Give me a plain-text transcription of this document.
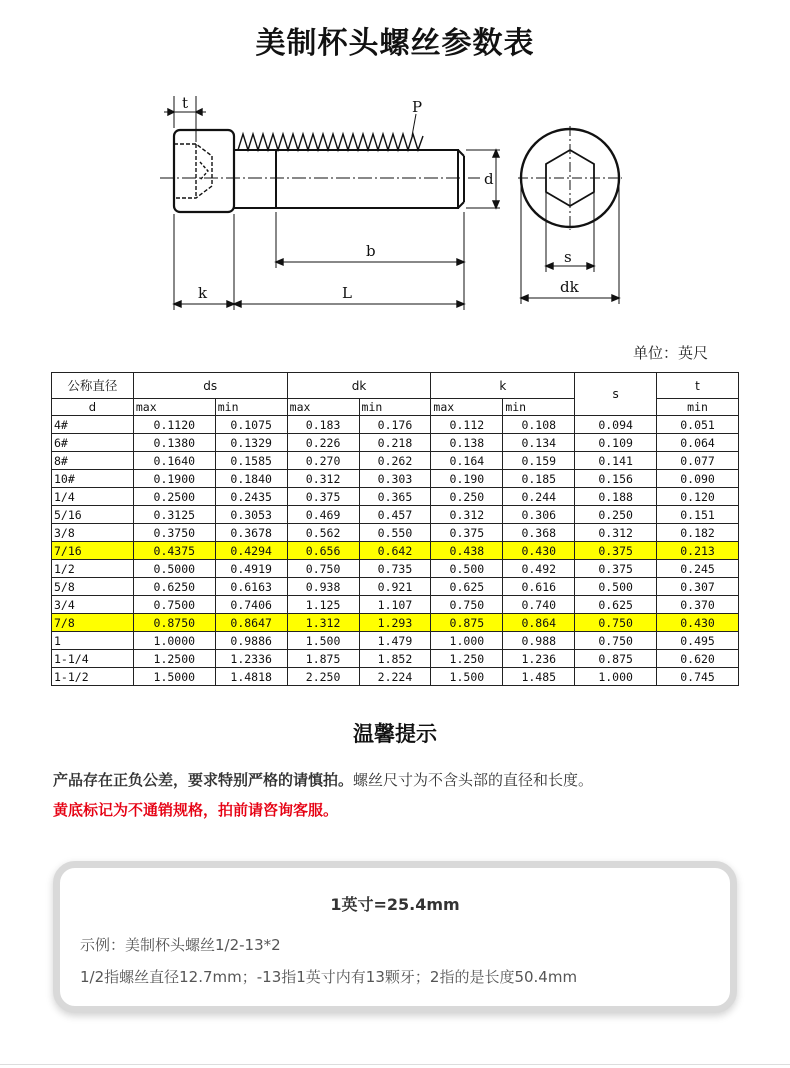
美制杯头螺丝参数表
t	P
d
b
k	L
s
dk
单位：英尺
公称直径	ds		dk		k		s	t
d	max	min	max	min	max	min		min
4#	0.1120	0.1075	0.183	0.176	0.112	0.108	0.094	0.051
6#	0.1380	0.1329	0.226	0.218	0.138	0.134	0.109	0.064
8#	0.1640	0.1585	0.270	0.262	0.164	0.159	0.141	0.077
10#	0.1900	0.1840	0.312	0.303	0.190	0.185	0.156	0.090
1/4	0.2500	0.2435	0.375	0.365	0.250	0.244	0.188	0.120
5/16	0.3125	0.3053	0.469	0.457	0.312	0.306	0.250	0.151
3/8	0.3750	0.3678	0.562	0.550	0.375	0.368	0.312	0.182
7/16	0.4375	0.4294	0.656	0.642	0.438	0.430	0.375	0.213
1/2	0.5000	0.4919	0.750	0.735	0.500	0.492	0.375	0.245
5/8	0.6250	0.6163	0.938	0.921	0.625	0.616	0.500	0.307
3/4	0.7500	0.7406	1.125	1.107	0.750	0.740	0.625	0.370
7/8	0.8750	0.8647	1.312	1.293	0.875	0.864	0.750	0.430
1	1.0000	0.9886	1.500	1.479	1.000	0.988	0.750	0.495
1-1/4	1.2500	1.2336	1.875	1.852	1.250	1.236	0.875	0.620
1-1/2	1.5000	1.4818	2.250	2.224	1.500	1.485	1.000	0.745
温馨提示
产品存在正负公差，要求特别严格的请慎拍。螺丝尺寸为不含头部的直径和长度。
黄底标记为不通销规格，拍前请咨询客服。
1英寸=25.4mm
示例：美制杯头螺丝1/2-13*2
1/2指螺丝直径12.7mm；-13指1英寸内有13颗牙；2指的是长度50.4mm
